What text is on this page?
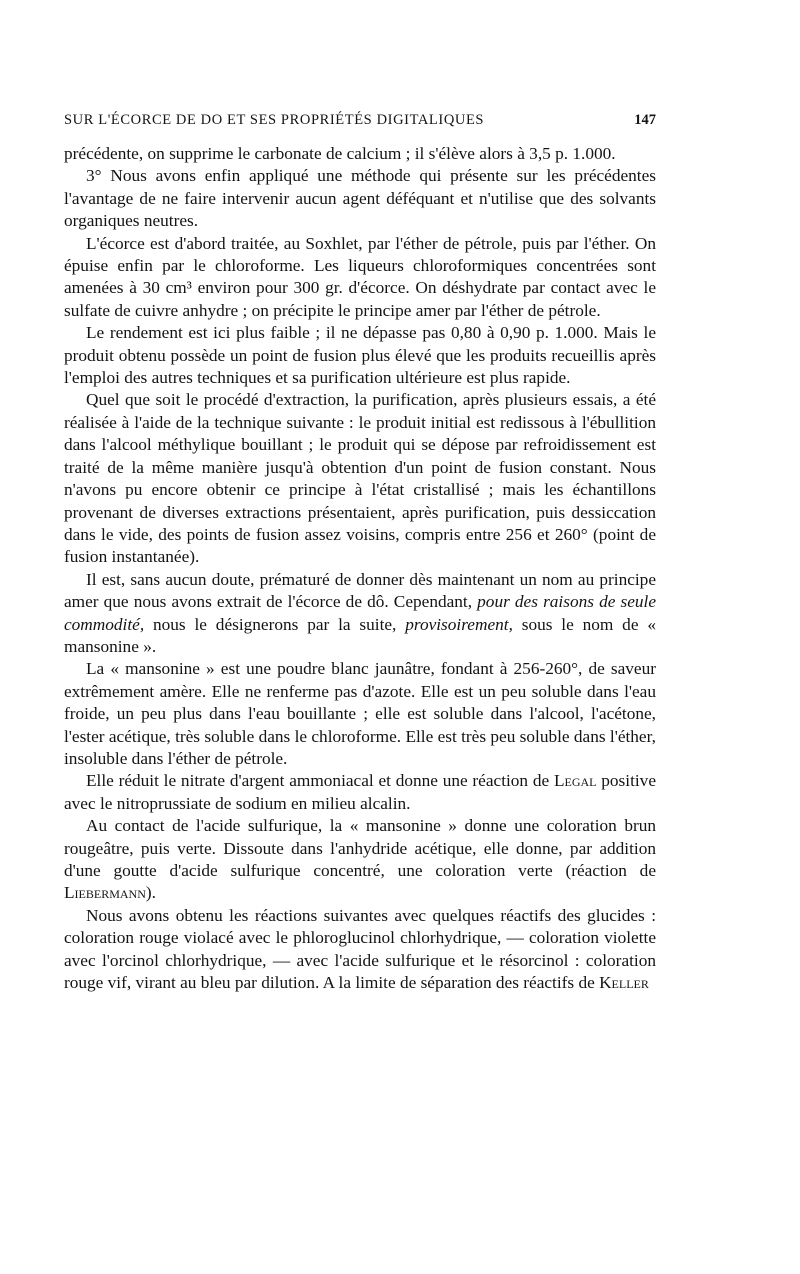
SUR L'ÉCORCE DE DO ET SES PROPRIÉTÉS DIGITALIQUES	147

précédente, on supprime le carbonate de calcium ; il s'élève alors à 3,5 p. 1.000.

3° Nous avons enfin appliqué une méthode qui présente sur les précédentes l'avantage de ne faire intervenir aucun agent déféquant et n'utilise que des solvants organiques neutres.

L'écorce est d'abord traitée, au Soxhlet, par l'éther de pétrole, puis par l'éther. On épuise enfin par le chloroforme. Les liqueurs chloroformiques concentrées sont amenées à 30 cm³ environ pour 300 gr. d'écorce. On déshydrate par contact avec le sulfate de cuivre anhydre ; on précipite le principe amer par l'éther de pétrole.

Le rendement est ici plus faible ; il ne dépasse pas 0,80 à 0,90 p. 1.000. Mais le produit obtenu possède un point de fusion plus élevé que les produits recueillis après l'emploi des autres techniques et sa purification ultérieure est plus rapide.

Quel que soit le procédé d'extraction, la purification, après plusieurs essais, a été réalisée à l'aide de la technique suivante : le produit initial est redissous à l'ébullition dans l'alcool méthylique bouillant ; le produit qui se dépose par refroidissement est traité de la même manière jusqu'à obtention d'un point de fusion constant. Nous n'avons pu encore obtenir ce principe à l'état cristallisé ; mais les échantillons provenant de diverses extractions présentaient, après purification, puis dessiccation dans le vide, des points de fusion assez voisins, compris entre 256 et 260° (point de fusion instantanée).

Il est, sans aucun doute, prématuré de donner dès maintenant un nom au principe amer que nous avons extrait de l'écorce de dô. Cependant, pour des raisons de seule commodité, nous le désignerons par la suite, provisoirement, sous le nom de « mansonine ».

La « mansonine » est une poudre blanc jaunâtre, fondant à 256-260°, de saveur extrêmement amère. Elle ne renferme pas d'azote. Elle est un peu soluble dans l'eau froide, un peu plus dans l'eau bouillante ; elle est soluble dans l'alcool, l'acétone, l'ester acétique, très soluble dans le chloroforme. Elle est très peu soluble dans l'éther, insoluble dans l'éther de pétrole.

Elle réduit le nitrate d'argent ammoniacal et donne une réaction de Legal positive avec le nitroprussiate de sodium en milieu alcalin.

Au contact de l'acide sulfurique, la « mansonine » donne une coloration brun rougeâtre, puis verte. Dissoute dans l'anhydride acétique, elle donne, par addition d'une goutte d'acide sulfurique concentré, une coloration verte (réaction de Liebermann).

Nous avons obtenu les réactions suivantes avec quelques réactifs des glucides : coloration rouge violacé avec le phloroglucinol chlorhydrique, — coloration violette avec l'orcinol chlorhydrique, — avec l'acide sulfurique et le résorcinol : coloration rouge vif, virant au bleu par dilution. A la limite de séparation des réactifs de Keller
